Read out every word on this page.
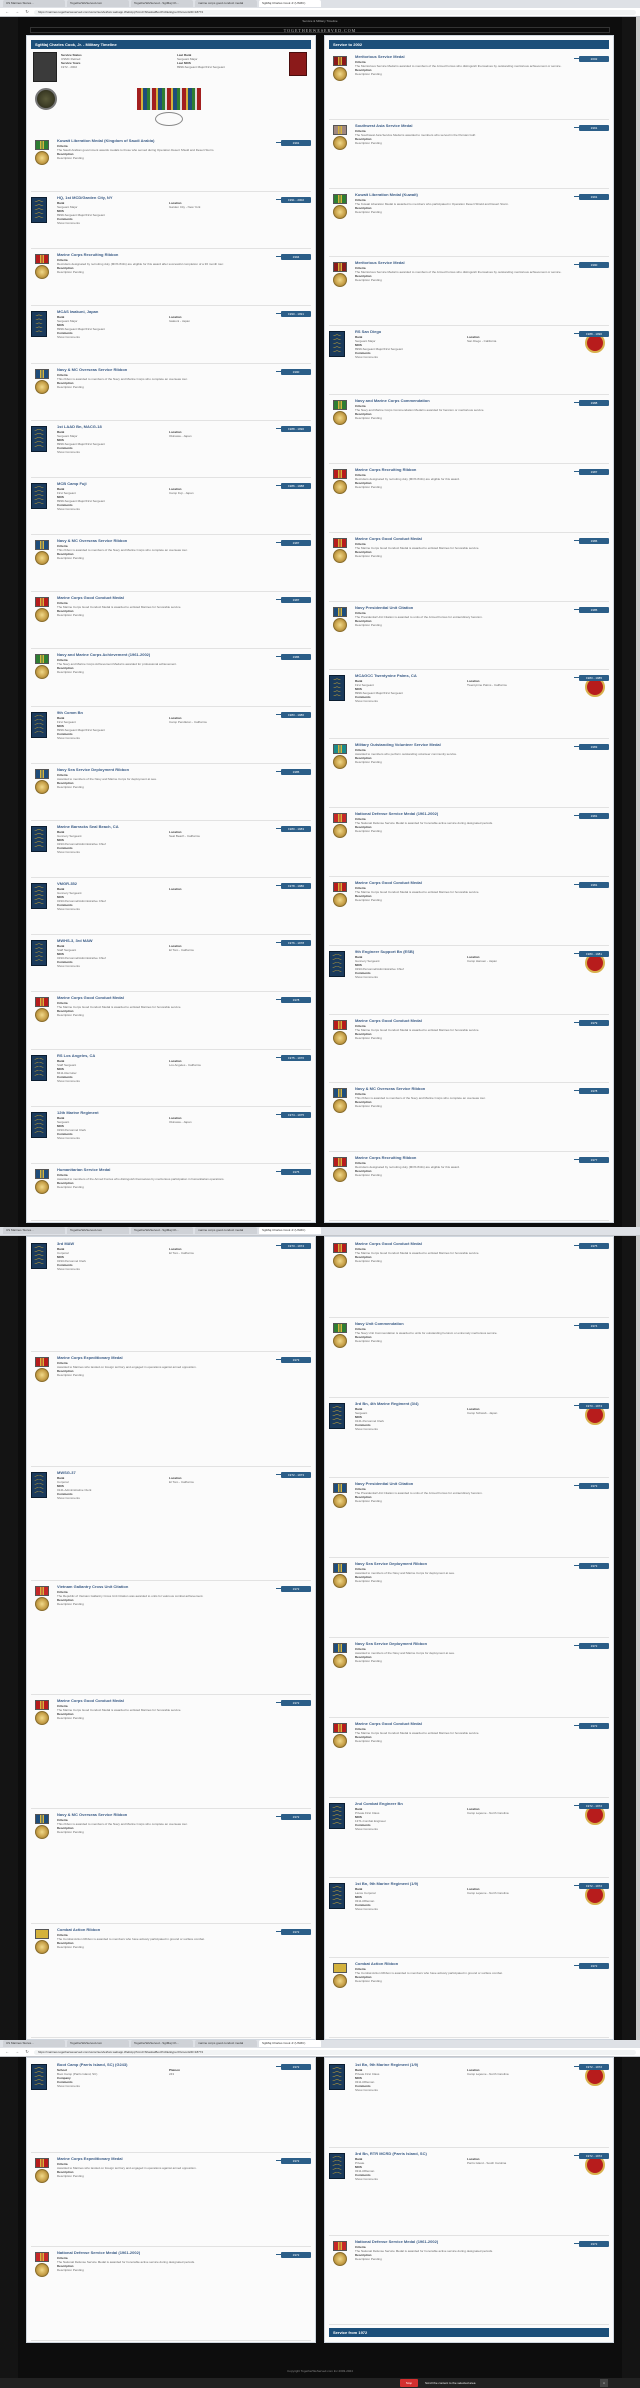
US Marines Stores...	TogetherWeServed.com	TogetherWeServed - SgtMaj Ch...	marine corps good conduct medal	SgtMaj Charles Cook Jr (USMC)
← →	↻	https://marines.togetherweserved.com/usmc/servlet/tws.webapp.WebApp?cmd=ShadowBoxProfile&type=Person&ID=18772
Service & Military Timeline
TOGETHERWESERVED.COM
SgtMaj Charles Cook, Jr. - Military Timeline
Service Status
USMC Retired
Service Years
1972 - 2002
Last Rank
Sergeant Major
Last MOS
8999-Sergeant Major/First Sergeant
Kuwait Liberation Medal (Kingdom of Saudi Arabia)
Criteria
The Saudi Arabian government awards medals to those who served during Operation Desert Shield and Desert Storm.
Description
Description Pending
1991
HQ, 1st MCD/Garden City, NY
Rank	Location
Sergeant Major	Garden City - New York
MOS
8999-Sergeant Major/First Sergeant
Comments
Show Comments
1991 - 2002
Marine Corps Recruiting Ribbon
Criteria
Recruiters designated by recruiting duty (MOS 8411) are eligible for this award after successful completion of a 36 month tour.
Description
Description Pending
1994
MCAS Iwakuni, Japan
Rank	Location
Sergeant Major	Iwakuni - Japan
MOS
8999-Sergeant Major/First Sergeant
Comments
Show Comments
1990 - 1991
Navy & MC Overseas Service Ribbon
Criteria
This ribbon is awarded to members of the Navy and Marine Corps who complete an overseas tour.
Description
Description Pending
1990
1st LAAD Bn, MACG-18
Rank	Location
Sergeant Major	Okinawa - Japan
MOS
8999-Sergeant Major/First Sergeant
Comments
Show Comments
1988 - 1990
MCB Camp Fuji
Rank	Location
First Sergeant	Camp Fuji - Japan
MOS
8999-Sergeant Major/First Sergeant
Comments
Show Comments
1986 - 1988
Navy & MC Overseas Service Ribbon
Criteria
This ribbon is awarded to members of the Navy and Marine Corps who complete an overseas tour.
Description
Description Pending
1987
Marine Corps Good Conduct Medal
Criteria
The Marine Corps Good Conduct Medal is awarded to enlisted Marines for honorable service.
Description
Description Pending
1987
Navy and Marine Corps Achievement (1961-2002)
Criteria
The Navy and Marine Corps Achievement Medal is awarded for professional achievement.
Description
Description Pending
1986
9th Comm Bn
Rank	Location
First Sergeant	Camp Pendleton - California
MOS
8999-Sergeant Major/First Sergeant
Comments
Show Comments
1983 - 1986
Navy Sea Service Deployment Ribbon
Criteria
Awarded to members of the Navy and Marine Corps for deployment at sea.
Description
Description Pending
1985
Marine Barracks Seal Beach, CA
Rank	Location
Gunnery Sergeant	Seal Beach - California
MOS
0193-Personnel/Administrative Chief
Comments
Show Comments
1980 - 1983
VMGR-352
Rank	Location
Gunnery Sergeant
MOS
0193-Personnel/Administrative Chief
Comments
Show Comments
1978 - 1980
MWHS-3, 3rd MAW
Rank	Location
Staff Sergeant	El Toro - California
MOS
0193-Personnel/Administrative Chief
Comments
Show Comments
1976 - 1978
Marine Corps Good Conduct Medal
Criteria
The Marine Corps Good Conduct Medal is awarded to enlisted Marines for honorable service.
Description
Description Pending
1978
RS Los Angeles, CA
Rank	Location
Staff Sergeant	Los Angeles - California
MOS
8411-Recruiter
Comments
Show Comments
1975 - 1976
12th Marine Regiment
Rank	Location
Sergeant	Okinawa - Japan
MOS
0193-Personnel Clerk
Comments
Show Comments
1974 - 1975
Humanitarian Service Medal
Criteria
Awarded to members of the Armed Forces who distinguish themselves by meritorious participation in humanitarian operations.
Description
Description Pending
1975
Service to 2002
Meritorious Service Medal
Criteria
The Meritorious Service Medal is awarded to members of the Armed Forces who distinguish themselves by outstanding meritorious achievement or service.
Description
Description Pending
2002
Southwest Asia Service Medal
Criteria
The Southwest Asia Service Medal is awarded to members who served in the Persian Gulf.
Description
Description Pending
1991
Kuwait Liberation Medal (Kuwait)
Criteria
The Kuwait Liberation Medal is awarded to members who participated in Operation Desert Shield and Desert Storm.
Description
Description Pending
1991
Meritorious Service Medal
Criteria
The Meritorious Service Medal is awarded to members of the Armed Forces who distinguish themselves by outstanding meritorious achievement or service.
Description
Description Pending
1990
RS San Diego
Rank	Location
Sergeant Major	San Diego - California
MOS
8999-Sergeant Major/First Sergeant
Comments
Show Comments
1988 - 1990
Navy and Marine Corps Commendation
Criteria
The Navy and Marine Corps Commendation Medal is awarded for heroism or meritorious service.
Description
Description Pending
1988
Marine Corps Recruiting Ribbon
Criteria
Recruiters designated by recruiting duty (MOS 8411) are eligible for this award.
Description
Description Pending
1987
Marine Corps Good Conduct Medal
Criteria
The Marine Corps Good Conduct Medal is awarded to enlisted Marines for honorable service.
Description
Description Pending
1986
Navy Presidential Unit Citation
Criteria
The Presidential Unit Citation is awarded to units of the Armed Forces for extraordinary heroism.
Description
Description Pending
1985
MCAGCC Twentynine Palms, CA
Rank	Location
First Sergeant	Twentynine Palms - California
MOS
8999-Sergeant Major/First Sergeant
Comments
Show Comments
1983 - 1985
Military Outstanding Volunteer Service Medal
Criteria
Awarded to members who perform outstanding volunteer community service.
Description
Description Pending
1983
National Defense Service Medal (1961-2002)
Criteria
The National Defense Service Medal is awarded for honorable active service during designated periods.
Description
Description Pending
1981
Marine Corps Good Conduct Medal
Criteria
The Marine Corps Good Conduct Medal is awarded to enlisted Marines for honorable service.
Description
Description Pending
1981
9th Engineer Support Bn (ESB)
Rank	Location
Gunnery Sergeant	Camp Hansen - Japan
MOS
0193-Personnel/Administrative Chief
Comments
Show Comments
1980 - 1981
Marine Corps Good Conduct Medal
Criteria
The Marine Corps Good Conduct Medal is awarded to enlisted Marines for honorable service.
Description
Description Pending
1979
Navy & MC Overseas Service Ribbon
Criteria
This ribbon is awarded to members of the Navy and Marine Corps who complete an overseas tour.
Description
Description Pending
1978
Marine Corps Recruiting Ribbon
Criteria
Recruiters designated by recruiting duty (MOS 8411) are eligible for this award.
Description
Description Pending
1977
US Marines Stores...	TogetherWeServed.com	TogetherWeServed - SgtMaj Ch...	marine corps good conduct medal	SgtMaj Charles Cook Jr (USMC)
3rd MAW
Rank	Location
Corporal	El Toro - California
MOS
0193-Personnel Clerk
Comments
Show Comments
1973 - 1974
Marine Corps Expeditionary Medal
Criteria
Awarded to Marines who landed on foreign territory and engaged in operations against armed opposition.
Description
Description Pending
1973
MWSG-37
Rank	Location
Corporal	El Toro - California
MOS
0141-Administrative Clerk
Comments
Show Comments
1972 - 1973
Vietnam Gallantry Cross Unit Citation
Criteria
The Republic of Vietnam Gallantry Cross Unit Citation was awarded to units for valorous combat achievement.
Description
Description Pending
1972
Marine Corps Good Conduct Medal
Criteria
The Marine Corps Good Conduct Medal is awarded to enlisted Marines for honorable service.
Description
Description Pending
1972
Navy & MC Overseas Service Ribbon
Criteria
This ribbon is awarded to members of the Navy and Marine Corps who complete an overseas tour.
Description
Description Pending
1972
Combat Action Ribbon
Criteria
The Combat Action Ribbon is awarded to members who have actively participated in ground or surface combat.
Description
Description Pending
1972
Marine Corps Good Conduct Medal
Criteria
The Marine Corps Good Conduct Medal is awarded to enlisted Marines for honorable service.
Description
Description Pending
1975
Navy Unit Commendation
Criteria
The Navy Unit Commendation is awarded to units for outstanding heroism or extremely meritorious service.
Description
Description Pending
1974
3rd Bn, 4th Marine Regiment (3/4)
Rank	Location
Sergeant	Camp Schwab - Japan
MOS
0141-Personnel Clerk
Comments
Show Comments
1973 - 1974
Navy Presidential Unit Citation
Criteria
The Presidential Unit Citation is awarded to units of the Armed Forces for extraordinary heroism.
Description
Description Pending
1973
Navy Sea Service Deployment Ribbon
Criteria
Awarded to members of the Navy and Marine Corps for deployment at sea.
Description
Description Pending
1973
Navy Sea Service Deployment Ribbon
Criteria
Awarded to members of the Navy and Marine Corps for deployment at sea.
Description
Description Pending
1972
Marine Corps Good Conduct Medal
Criteria
The Marine Corps Good Conduct Medal is awarded to enlisted Marines for honorable service.
Description
Description Pending
1972
2nd Combat Engineer Bn
Rank	Location
Private First Class	Camp Lejeune - North Carolina
MOS
1371-Combat Engineer
Comments
Show Comments
1972 - 1972
1st Bn, 9th Marine Regiment (1/9)
Rank	Location
Lance Corporal	Camp Lejeune - North Carolina
MOS
0311-Rifleman
Comments
Show Comments
1972 - 1972
Combat Action Ribbon
Criteria
The Combat Action Ribbon is awarded to members who have actively participated in ground or surface combat.
Description
Description Pending
1972
US Marines Stores...	TogetherWeServed.com	TogetherWeServed - SgtMaj Ch...	marine corps good conduct medal	SgtMaj Charles Cook Jr (USMC)
← →	↻	https://marines.togetherweserved.com/usmc/servlet/tws.webapp.WebApp?cmd=ShadowBoxProfile&type=Person&ID=18772
Boot Camp (Parris Island, SC) (G243)
School	Platoon
Boot Camp (Parris Island, SC)	243
Company
Comments
Show Comments
1972
Marine Corps Expeditionary Medal
Criteria
Awarded to Marines who landed on foreign territory and engaged in operations against armed opposition.
Description
Description Pending
1972
National Defense Service Medal (1961-2002)
Criteria
The National Defense Service Medal is awarded for honorable active service during designated periods.
Description
Description Pending
1972
Service from 1972
1st Bn, 9th Marine Regiment (1/9)
Rank	Location
Private First Class	Camp Lejeune - North Carolina
MOS
0311-Rifleman
Comments
Show Comments
1972 - 1972
3rd Bn, RTR MCRD (Parris Island, SC)
Rank	Location
Private	Parris Island - South Carolina
MOS
0311-Rifleman
Comments
Show Comments
1972 - 1972
National Defense Service Medal (1961-2002)
Criteria
The National Defense Service Medal is awarded for honorable active service during designated periods.
Description
Description Pending
1972
Copyright TogetherWeServed.com Inc 2003-2024
Stop	Scroll the content to the selected area	×
